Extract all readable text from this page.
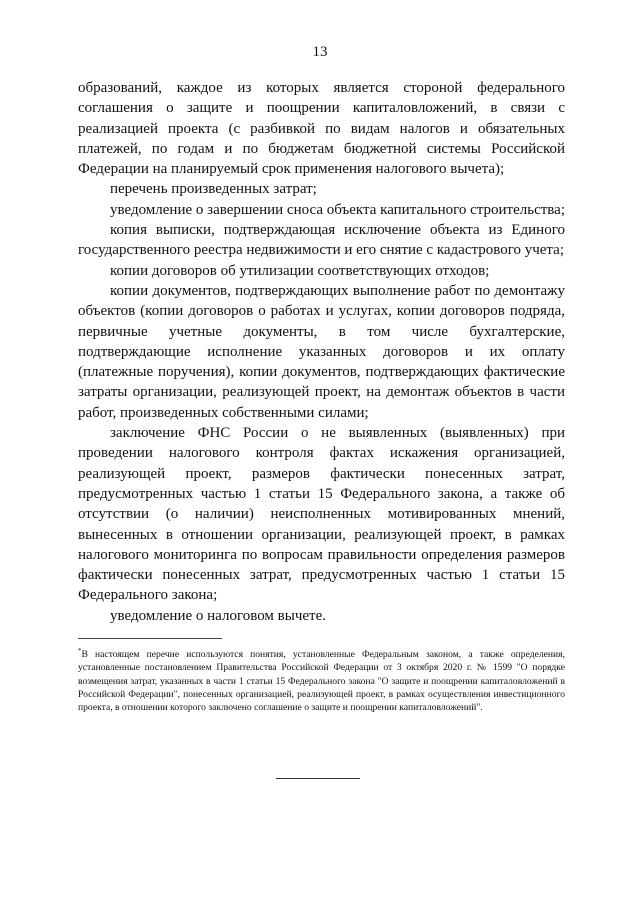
13

образований, каждое из которых является стороной федерального соглашения о защите и поощрении капиталовложений, в связи с реализацией проекта (с разбивкой по видам налогов и обязательных платежей, по годам и по бюджетам бюджетной системы Российской Федерации на планируемый срок применения налогового вычета);

перечень произведенных затрат;

уведомление о завершении сноса объекта капитального строительства;

копия выписки, подтверждающая исключение объекта из Единого государственного реестра недвижимости и его снятие с кадастрового учета;

копии договоров об утилизации соответствующих отходов;

копии документов, подтверждающих выполнение работ по демонтажу объектов (копии договоров о работах и услугах, копии договоров подряда, первичные учетные документы, в том числе бухгалтерские, подтверждающие исполнение указанных договоров и их оплату (платежные поручения), копии документов, подтверждающих фактические затраты организации, реализующей проект, на демонтаж объектов в части работ, произведенных собственными силами;

заключение ФНС России о не выявленных (выявленных) при проведении налогового контроля фактах искажения организацией, реализующей проект, размеров фактически понесенных затрат, предусмотренных частью 1 статьи 15 Федерального закона, а также об отсутствии (о наличии) неисполненных мотивированных мнений, вынесенных в отношении организации, реализующей проект, в рамках налогового мониторинга по вопросам правильности определения размеров фактически понесенных затрат, предусмотренных частью 1 статьи 15 Федерального закона;

уведомление о налоговом вычете.

*В настоящем перечне используются понятия, установленные Федеральным законом, а также определения, установленные постановлением Правительства Российской Федерации от 3 октября 2020 г. № 1599 "О порядке возмещения затрат, указанных в части 1 статьи 15 Федерального закона "О защите и поощрении капиталовложений в Российской Федерации", понесенных организацией, реализующей проект, в рамках осуществления инвестиционного проекта, в отношении которого заключено соглашение о защите и поощрении капиталовложений".
